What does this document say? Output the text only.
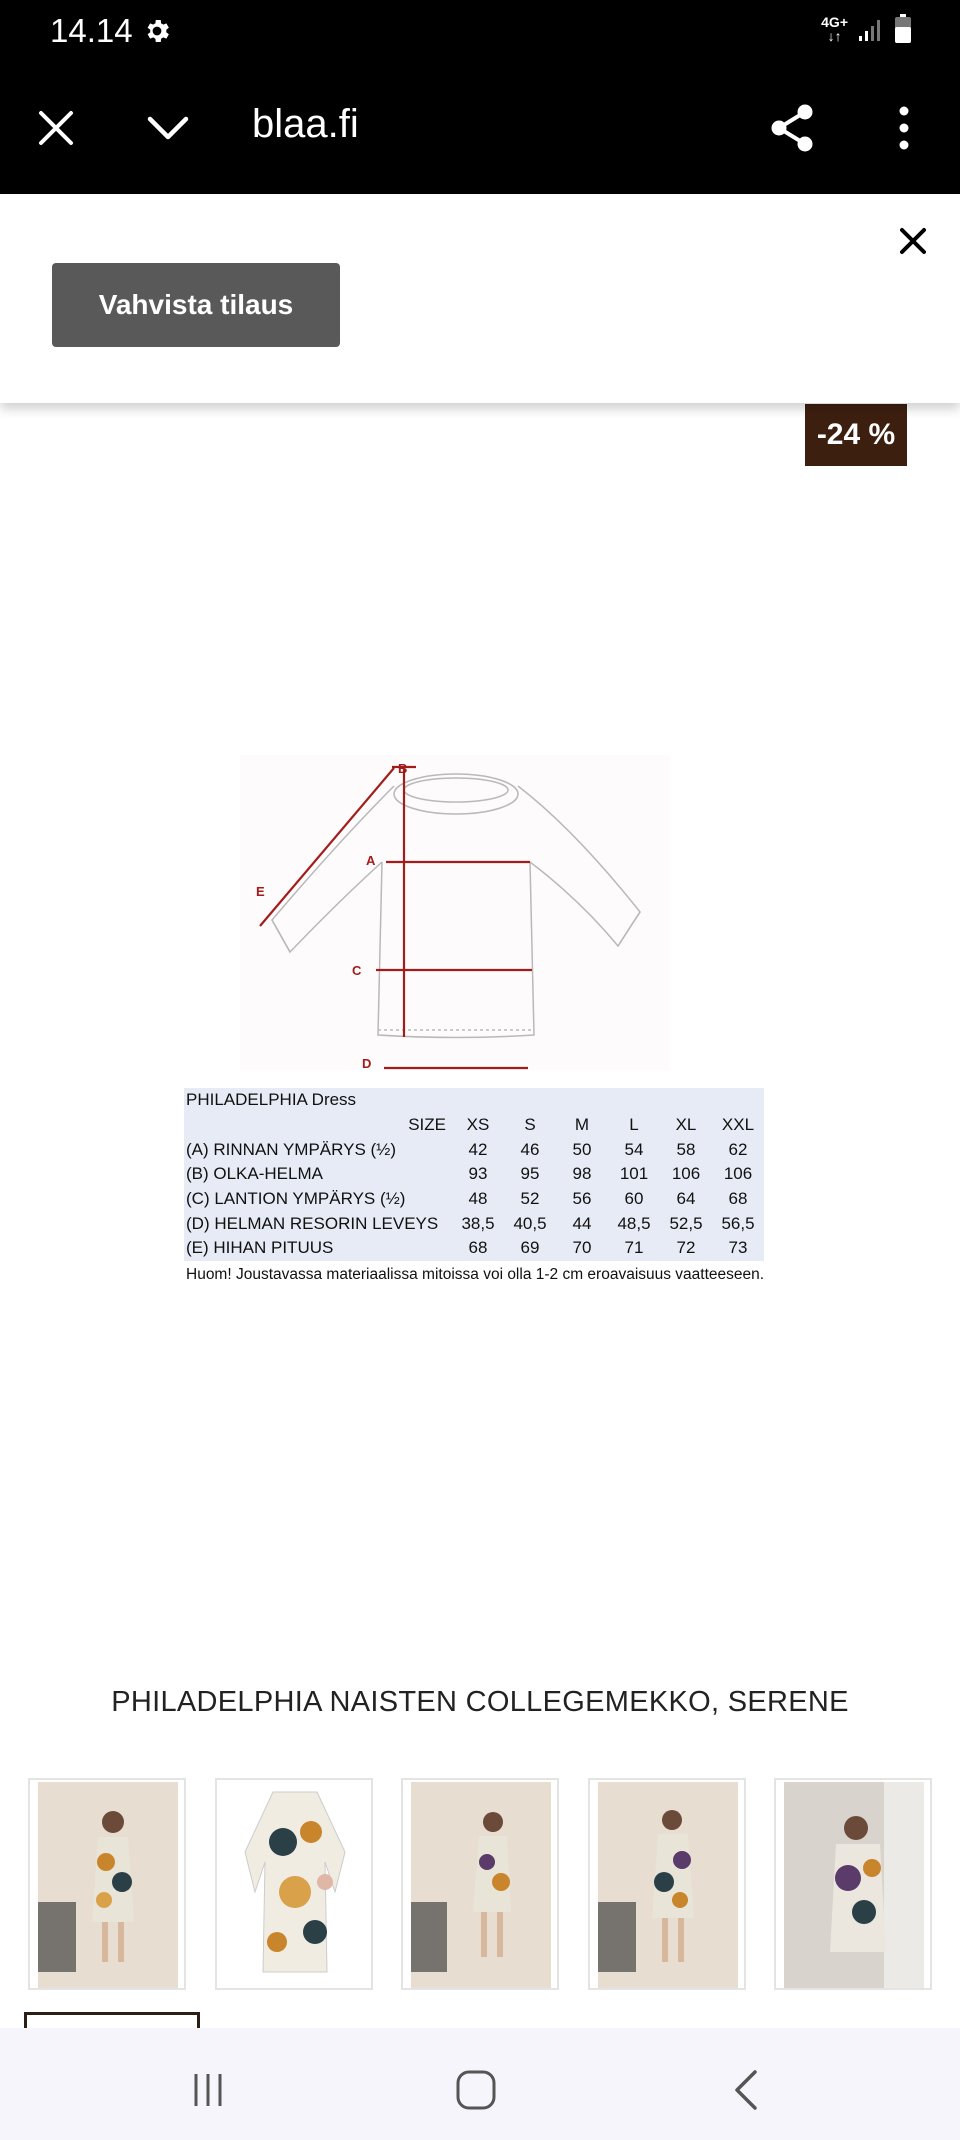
14.14	4G+
↓↑
blaa.fi
Vahvista tilaus
-24 %
B
A
E
C
D
PHILADELPHIA Dress						
SIZE	XS	S	M	L	XL	XXL
(A) RINNAN YMPÄRYS (½)	42	46	50	54	58	62
(B) OLKA-HELMA	93	95	98	101	106	106
(C) LANTION YMPÄRYS (½)	48	52	56	60	64	68
(D) HELMAN RESORIN LEVEYS	38,5	40,5	44	48,5	52,5	56,5
(E) HIHAN PITUUS	68	69	70	71	72	73
Huom! Joustavassa materiaalissa mitoissa voi olla 1-2 cm eroavaisuus vaatteeseen.
PHILADELPHIA NAISTEN COLLEGEMEKKO, SERENE
